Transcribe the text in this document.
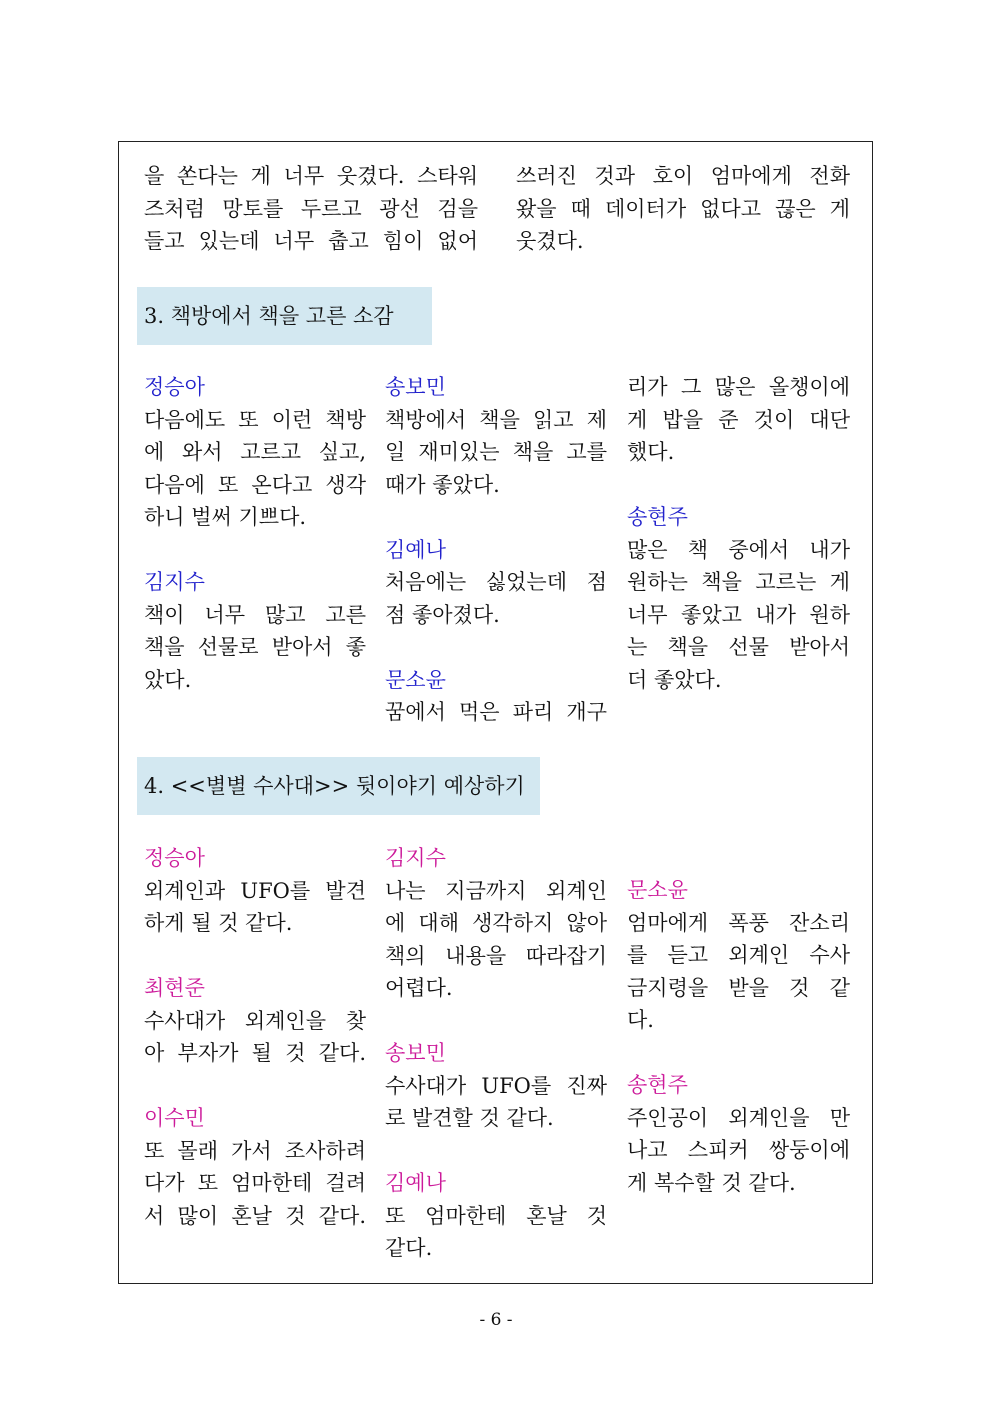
을 쏜다는 게 너무 웃겼다. 스타워
즈처럼 망토를 두르고 광선 검을
들고 있는데 너무 춥고 힘이 없어
쓰러진 것과 호이 엄마에게 전화
왔을 때 데이터가 없다고 끊은 게
웃겼다.
3. 책방에서 책을 고른 소감
정승아
다음에도 또 이런 책방
에 와서 고르고 싶고,
다음에 또 온다고 생각
하니 벌써 기쁘다.
김지수
책이 너무 많고 고른
책을 선물로 받아서 좋
았다.
송보민
책방에서 책을 읽고 제
일 재미있는 책을 고를
때가 좋았다.
김예나
처음에는 싫었는데 점
점 좋아졌다.
문소윤
꿈에서 먹은 파리 개구
리가 그 많은 올챙이에
게 밥을 준 것이 대단
했다.
송현주
많은 책 중에서 내가
원하는 책을 고르는 게
너무 좋았고 내가 원하
는 책을 선물 받아서
더 좋았다.
4. <<별별 수사대>> 뒷이야기 예상하기
정승아
외계인과 UFO를 발견
하게 될 것 같다.
최현준
수사대가 외계인을 찾
아 부자가 될 것 같다.
이수민
또 몰래 가서 조사하려
다가 또 엄마한테 걸려
서 많이 혼날 것 같다.
김지수
나는 지금까지 외계인
에 대해 생각하지 않아
책의 내용을 따라잡기
어렵다.
송보민
수사대가 UFO를 진짜
로 발견할 것 같다.
김예나
또 엄마한테 혼날 것
같다.
문소윤
엄마에게 폭풍 잔소리
를 듣고 외계인 수사
금지령을 받을 것 같
다.
송현주
주인공이 외계인을 만
나고 스피커 쌍둥이에
게 복수할 것 같다.
- 6 -
